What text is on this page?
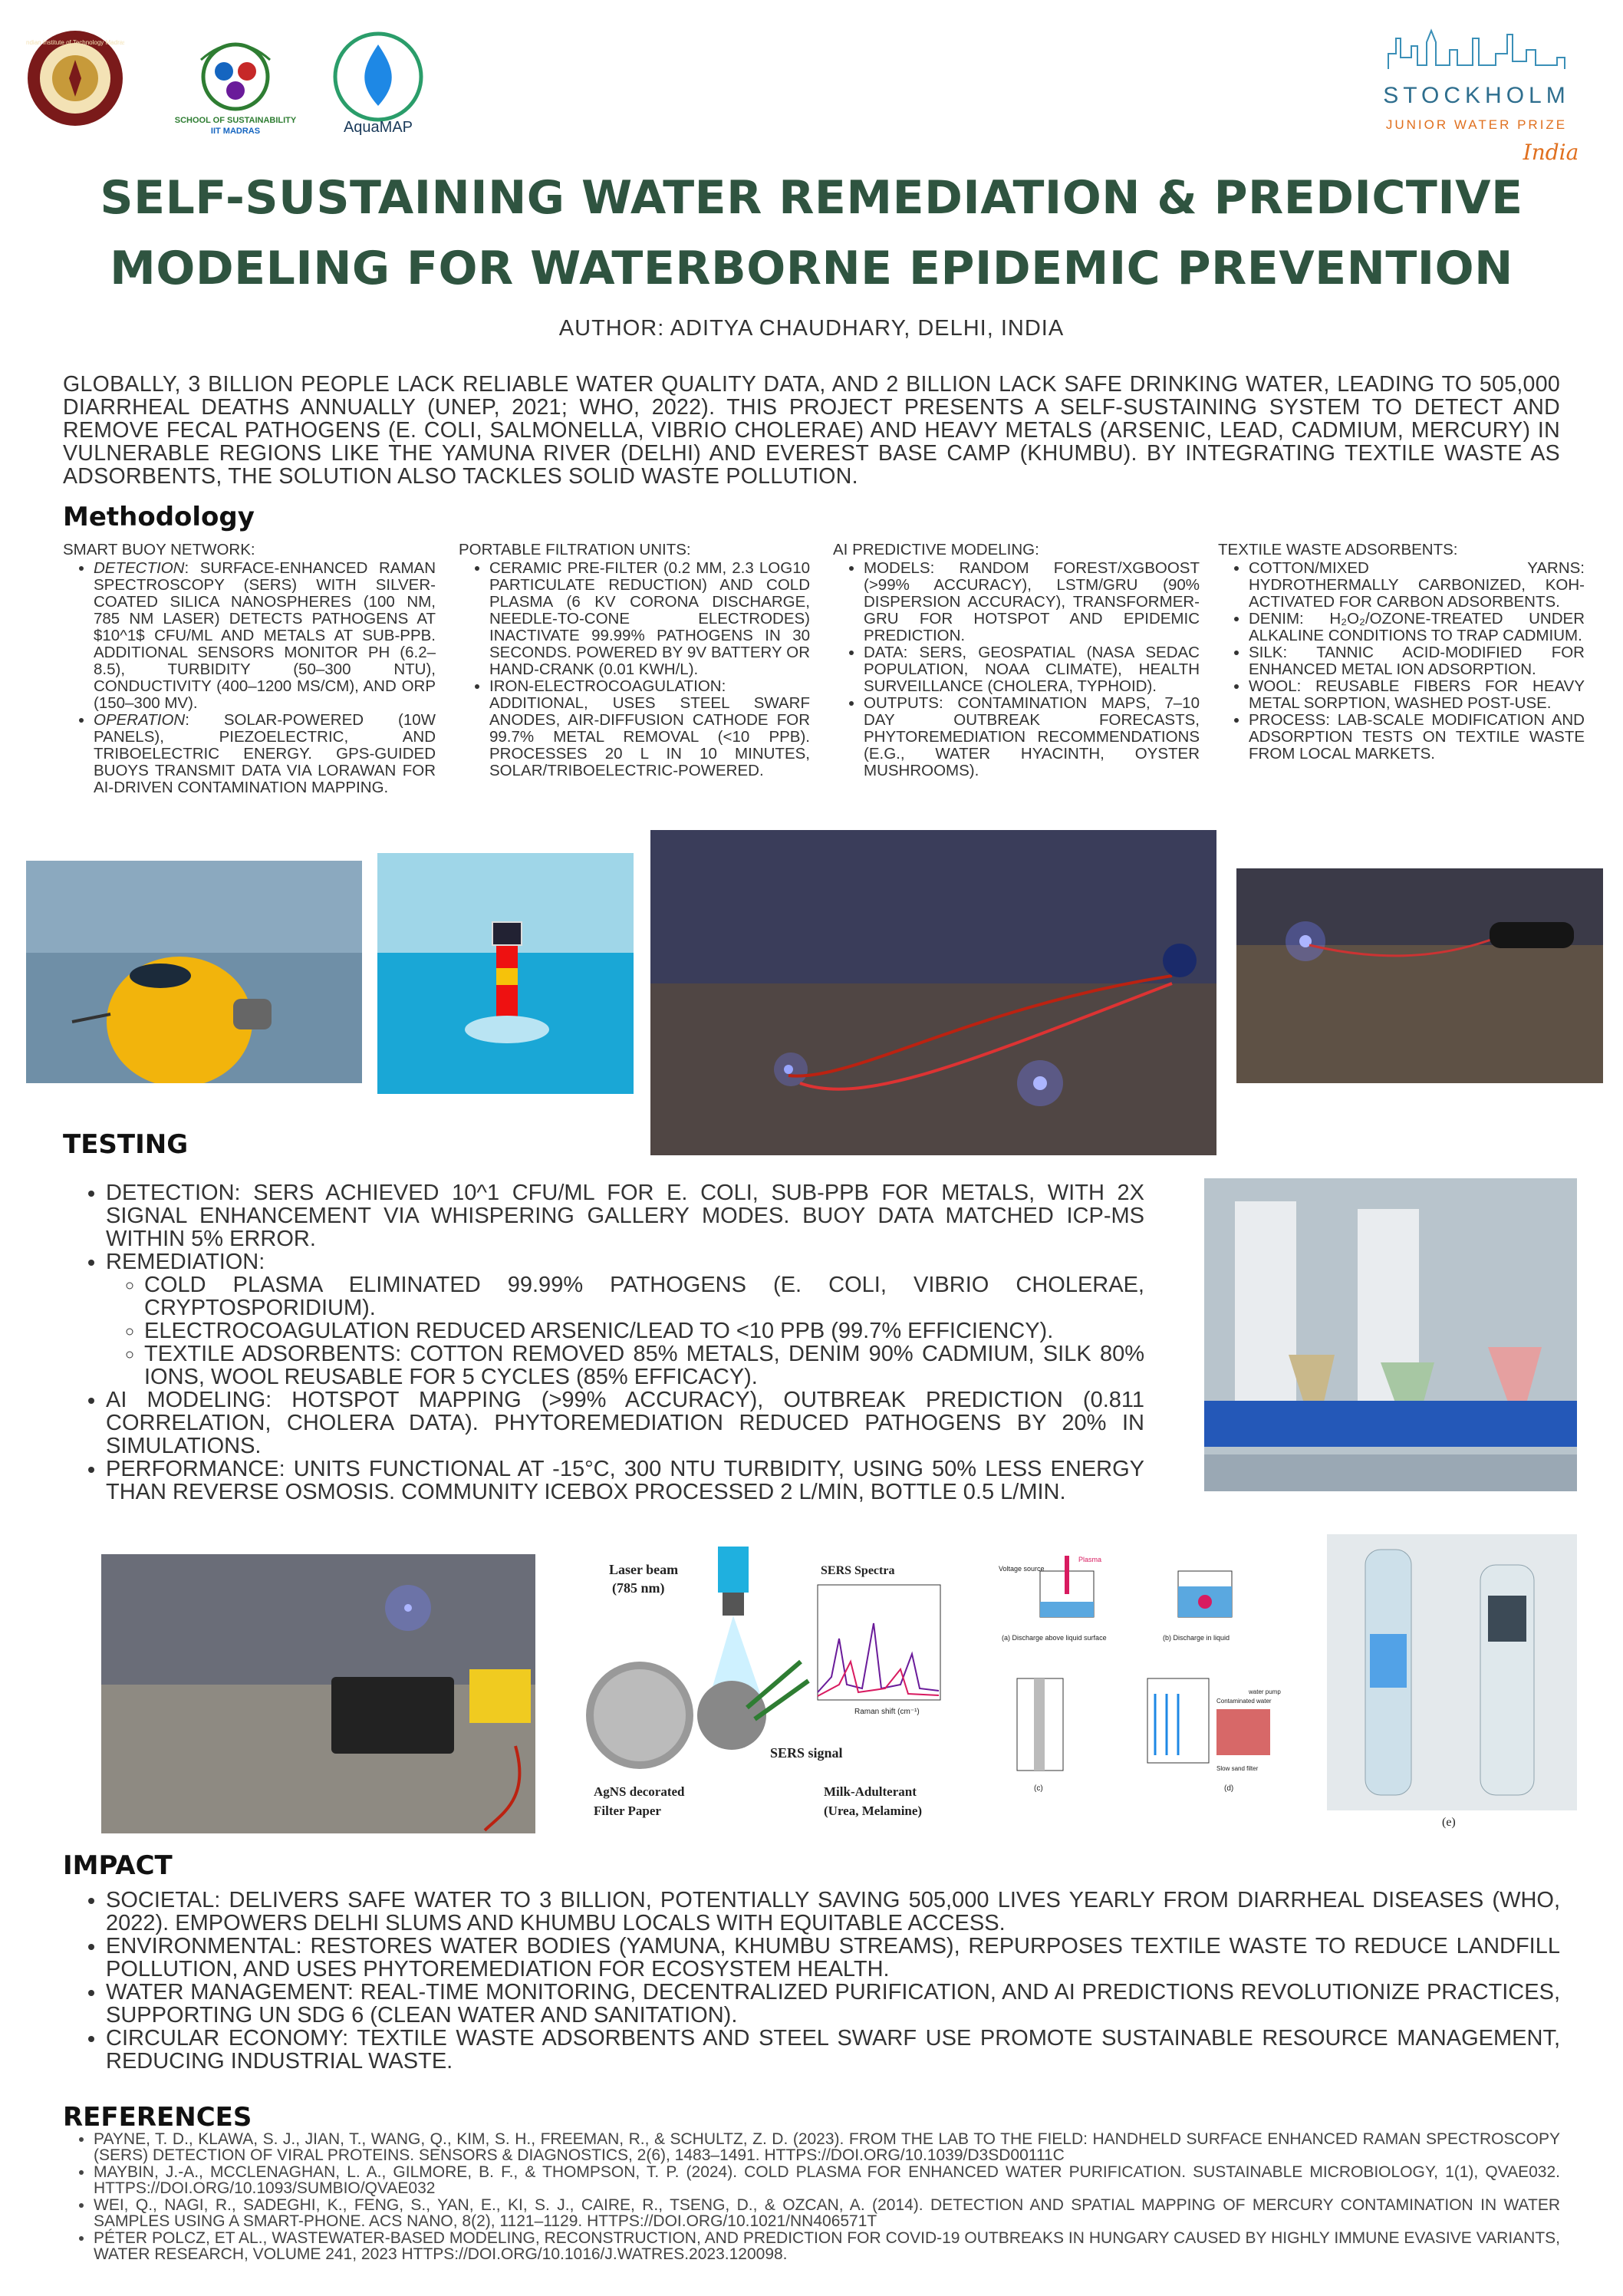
Indian Institute of Technology Madras
SCHOOL OF SUSTAINABILITY
IIT MADRAS	AquaMAP
STOCKHOLM
JUNIOR WATER PRIZE
India
SELF-SUSTAINING WATER REMEDIATION & PREDICTIVE
MODELING FOR WATERBORNE EPIDEMIC PREVENTION
AUTHOR: ADITYA CHAUDHARY, DELHI, INDIA

GLOBALLY, 3 BILLION PEOPLE LACK RELIABLE WATER QUALITY DATA, AND 2 BILLION LACK SAFE DRINKING WATER, LEADING TO 505,000 DIARRHEAL DEATHS ANNUALLY (UNEP, 2021; WHO, 2022). THIS PROJECT PRESENTS A SELF-SUSTAINING SYSTEM TO DETECT AND REMOVE FECAL PATHOGENS (E. COLI, SALMONELLA, VIBRIO CHOLERAE) AND HEAVY METALS (ARSENIC, LEAD, CADMIUM, MERCURY) IN VULNERABLE REGIONS LIKE THE YAMUNA RIVER (DELHI) AND EVEREST BASE CAMP (KHUMBU). BY INTEGRATING TEXTILE WASTE AS ADSORBENTS, THE SOLUTION ALSO TACKLES SOLID WASTE POLLUTION.

Methodology
SMART BUOY NETWORK:
• DETECTION: SURFACE-ENHANCED RAMAN SPECTROSCOPY (SERS) WITH SILVER-COATED SILICA NANOSPHERES (100 NM, 785 NM LASER) DETECTS PATHOGENS AT $10^1$ CFU/ML AND METALS AT SUB-PPB. ADDITIONAL SENSORS MONITOR PH (6.2–8.5), TURBIDITY (50–300 NTU), CONDUCTIVITY (400–1200 MS/CM), AND ORP (150–300 MV).
• OPERATION: SOLAR-POWERED (10W PANELS), PIEZOELECTRIC, AND TRIBOELECTRIC ENERGY. GPS-GUIDED BUOYS TRANSMIT DATA VIA LORAWAN FOR AI-DRIVEN CONTAMINATION MAPPING.
PORTABLE FILTRATION UNITS:
• CERAMIC PRE-FILTER (0.2 MM, 2.3 LOG10 PARTICULATE REDUCTION) AND COLD PLASMA (6 KV CORONA DISCHARGE, NEEDLE-TO-CONE ELECTRODES) INACTIVATE 99.99% PATHOGENS IN 30 SECONDS. POWERED BY 9V BATTERY OR HAND-CRANK (0.01 KWH/L).
• IRON-ELECTROCOAGULATION: ADDITIONAL, USES STEEL SWARF ANODES, AIR-DIFFUSION CATHODE FOR 99.7% METAL REMOVAL (<10 PPB). PROCESSES 20 L IN 10 MINUTES, SOLAR/TRIBOELECTRIC-POWERED.
AI PREDICTIVE MODELING:
• MODELS: RANDOM FOREST/XGBOOST (>99% ACCURACY), LSTM/GRU (90% DISPERSION ACCURACY), TRANSFORMER-GRU FOR HOTSPOT AND EPIDEMIC PREDICTION.
• DATA: SERS, GEOSPATIAL (NASA SEDAC POPULATION, NOAA CLIMATE), HEALTH SURVEILLANCE (CHOLERA, TYPHOID).
• OUTPUTS: CONTAMINATION MAPS, 7–10 DAY OUTBREAK FORECASTS, PHYTOREMEDIATION RECOMMENDATIONS (E.G., WATER HYACINTH, OYSTER MUSHROOMS).
TEXTILE WASTE ADSORBENTS:
• COTTON/MIXED YARNS: HYDROTHERMALLY CARBONIZED, KOH-ACTIVATED FOR CARBON ADSORBENTS.
• DENIM: H₂O₂/OZONE-TREATED UNDER ALKALINE CONDITIONS TO TRAP CADMIUM.
• SILK: TANNIC ACID-MODIFIED FOR ENHANCED METAL ION ADSORPTION.
• WOOL: REUSABLE FIBERS FOR HEAVY METAL SORPTION, WASHED POST-USE.
• PROCESS: LAB-SCALE MODIFICATION AND ADSORPTION TESTS ON TEXTILE WASTE FROM LOCAL MARKETS.
TESTING
• DETECTION: SERS ACHIEVED 10^1 CFU/ML FOR E. COLI, SUB-PPB FOR METALS, WITH 2X SIGNAL ENHANCEMENT VIA WHISPERING GALLERY MODES. BUOY DATA MATCHED ICP-MS WITHIN 5% ERROR.
• REMEDIATION:
◦ COLD PLASMA ELIMINATED 99.99% PATHOGENS (E. COLI, VIBRIO CHOLERAE, CRYPTOSPORIDIUM).
◦ ELECTROCOAGULATION REDUCED ARSENIC/LEAD TO <10 PPB (99.7% EFFICIENCY).
◦ TEXTILE ADSORBENTS: COTTON REMOVED 85% METALS, DENIM 90% CADMIUM, SILK 80% IONS, WOOL REUSABLE FOR 5 CYCLES (85% EFFICACY).
• AI MODELING: HOTSPOT MAPPING (>99% ACCURACY), OUTBREAK PREDICTION (0.811 CORRELATION, CHOLERA DATA). PHYTOREMEDIATION REDUCED PATHOGENS BY 20% IN SIMULATIONS.
• PERFORMANCE: UNITS FUNCTIONAL AT -15°C, 300 NTU TURBIDITY, USING 50% LESS ENERGY THAN REVERSE OSMOSIS. COMMUNITY ICEBOX PROCESSED 2 L/MIN, BOTTLE 0.5 L/MIN.
Laser beam
(785 nm)
SERS Spectra
Raman shift (cm⁻¹)
SERS signal
AgNS decorated
Filter Paper
Milk-Adulterant
(Urea, Melamine)
Voltage source
Plasma
(a) Discharge above liquid surface	(b) Discharge in liquid
(c)
Contaminated water
water pump
Slow sand filter
(d)
(e)
IMPACT
• SOCIETAL: DELIVERS SAFE WATER TO 3 BILLION, POTENTIALLY SAVING 505,000 LIVES YEARLY FROM DIARRHEAL DISEASES (WHO, 2022). EMPOWERS DELHI SLUMS AND KHUMBU LOCALS WITH EQUITABLE ACCESS.
• ENVIRONMENTAL: RESTORES WATER BODIES (YAMUNA, KHUMBU STREAMS), REPURPOSES TEXTILE WASTE TO REDUCE LANDFILL POLLUTION, AND USES PHYTOREMEDIATION FOR ECOSYSTEM HEALTH.
• WATER MANAGEMENT: REAL-TIME MONITORING, DECENTRALIZED PURIFICATION, AND AI PREDICTIONS REVOLUTIONIZE PRACTICES, SUPPORTING UN SDG 6 (CLEAN WATER AND SANITATION).
• CIRCULAR ECONOMY: TEXTILE WASTE ADSORBENTS AND STEEL SWARF USE PROMOTE SUSTAINABLE RESOURCE MANAGEMENT, REDUCING INDUSTRIAL WASTE.
REFERENCES
• PAYNE, T. D., KLAWA, S. J., JIAN, T., WANG, Q., KIM, S. H., FREEMAN, R., & SCHULTZ, Z. D. (2023). FROM THE LAB TO THE FIELD: HANDHELD SURFACE ENHANCED RAMAN SPECTROSCOPY (SERS) DETECTION OF VIRAL PROTEINS. SENSORS & DIAGNOSTICS, 2(6), 1483–1491. HTTPS://DOI.ORG/10.1039/D3SD00111C
• MAYBIN, J.-A., MCCLENAGHAN, L. A., GILMORE, B. F., & THOMPSON, T. P. (2024). COLD PLASMA FOR ENHANCED WATER PURIFICATION. SUSTAINABLE MICROBIOLOGY, 1(1), QVAE032. HTTPS://DOI.ORG/10.1093/SUMBIO/QVAE032
• WEI, Q., NAGI, R., SADEGHI, K., FENG, S., YAN, E., KI, S. J., CAIRE, R., TSENG, D., & OZCAN, A. (2014). DETECTION AND SPATIAL MAPPING OF MERCURY CONTAMINATION IN WATER SAMPLES USING A SMART-PHONE. ACS NANO, 8(2), 1121–1129. HTTPS://DOI.ORG/10.1021/NN406571T
• PÉTER POLCZ, ET AL., WASTEWATER-BASED MODELING, RECONSTRUCTION, AND PREDICTION FOR COVID-19 OUTBREAKS IN HUNGARY CAUSED BY HIGHLY IMMUNE EVASIVE VARIANTS, WATER RESEARCH, VOLUME 241, 2023 HTTPS://DOI.ORG/10.1016/J.WATRES.2023.120098.
